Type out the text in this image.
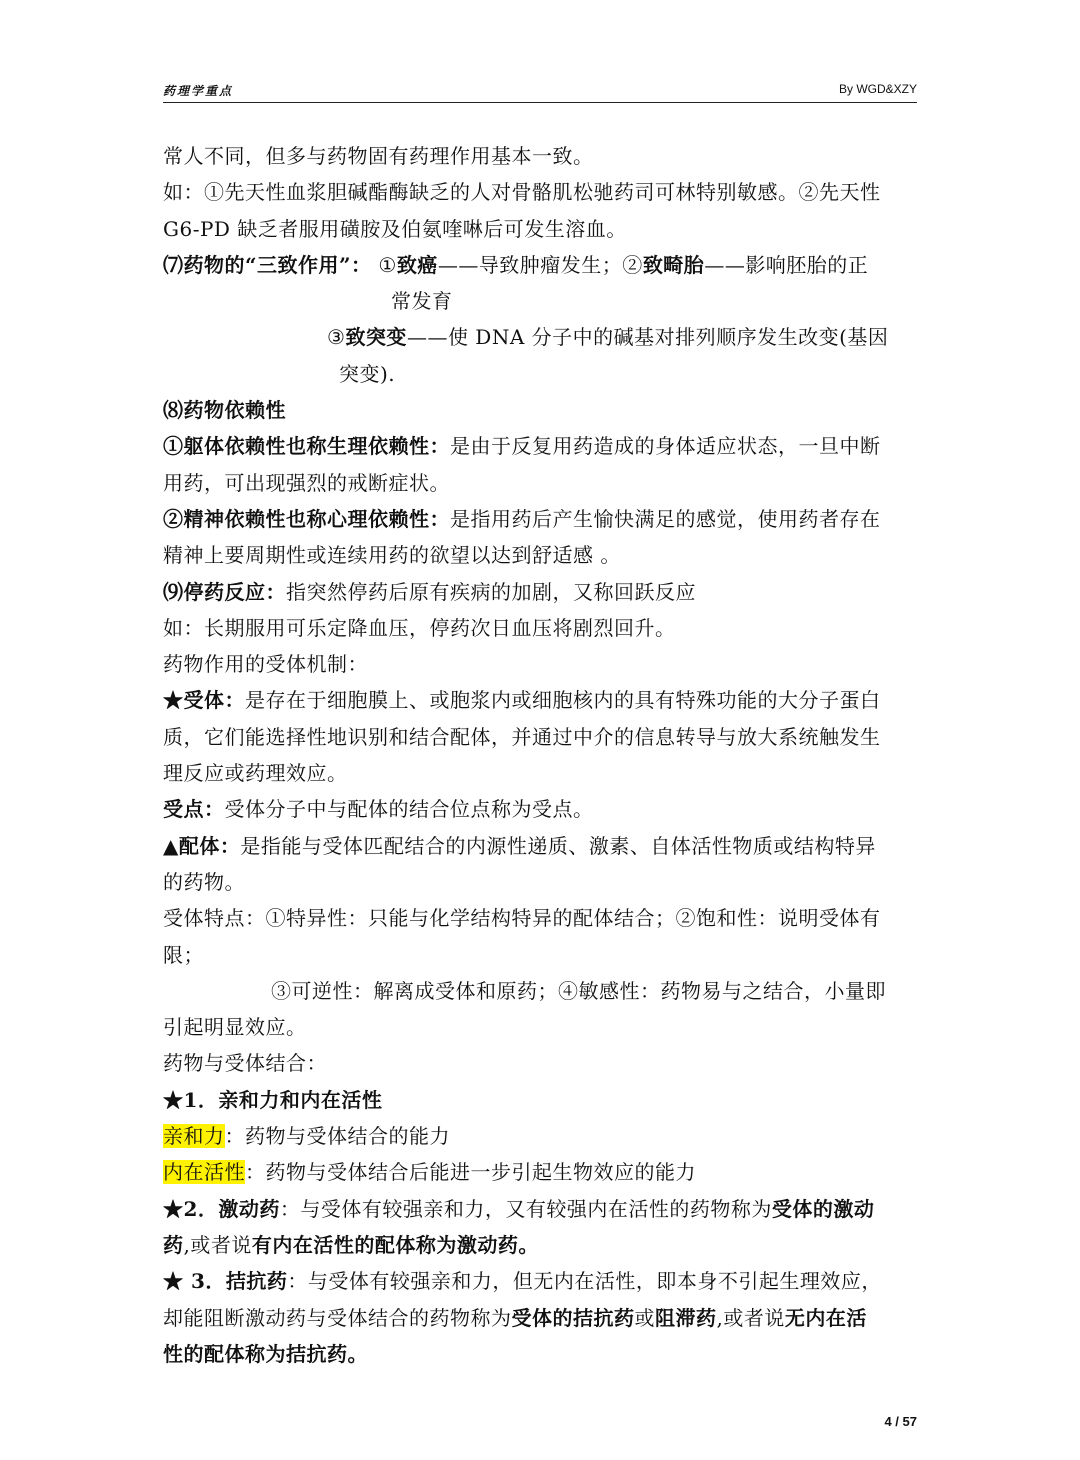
药理学重点	By WGD&XZY
常人不同，但多与药物固有药理作用基本一致。
如：①先天性血浆胆碱酯酶缺乏的人对骨骼肌松驰药司可林特别敏感。②先天性
G6-PD 缺乏者服用磺胺及伯氨喹啉后可发生溶血。
⑺药物的“三致作用”： ①致癌——导致肿瘤发生；②致畸胎——影响胚胎的正
常发育
③致突变——使 DNA 分子中的碱基对排列顺序发生改变(基因
突变).
⑻药物依赖性
①躯体依赖性也称生理依赖性：是由于反复用药造成的身体适应状态，一旦中断
用药，可出现强烈的戒断症状。
②精神依赖性也称心理依赖性：是指用药后产生愉快满足的感觉，使用药者存在
精神上要周期性或连续用药的欲望以达到舒适感 。
⑼停药反应：指突然停药后原有疾病的加剧，又称回跃反应
如：长期服用可乐定降血压，停药次日血压将剧烈回升。
药物作用的受体机制：
★受体：是存在于细胞膜上、或胞浆内或细胞核内的具有特殊功能的大分子蛋白
质，它们能选择性地识别和结合配体，并通过中介的信息转导与放大系统触发生
理反应或药理效应。
受点：受体分子中与配体的结合位点称为受点。
▲配体：是指能与受体匹配结合的内源性递质、激素、自体活性物质或结构特异
的药物。
受体特点：①特异性：只能与化学结构特异的配体结合；②饱和性：说明受体有
限；
③可逆性：解离成受体和原药；④敏感性：药物易与之结合，小量即
引起明显效应。
药物与受体结合：
★1．亲和力和内在活性
亲和力：药物与受体结合的能力
内在活性：药物与受体结合后能进一步引起生物效应的能力
★2．激动药：与受体有较强亲和力，又有较强内在活性的药物称为受体的激动
药,或者说有内在活性的配体称为激动药。
★ 3．拮抗药：与受体有较强亲和力，但无内在活性，即本身不引起生理效应，
却能阻断激动药与受体结合的药物称为受体的拮抗药或阻滞药,或者说无内在活
性的配体称为拮抗药。
4 / 57
